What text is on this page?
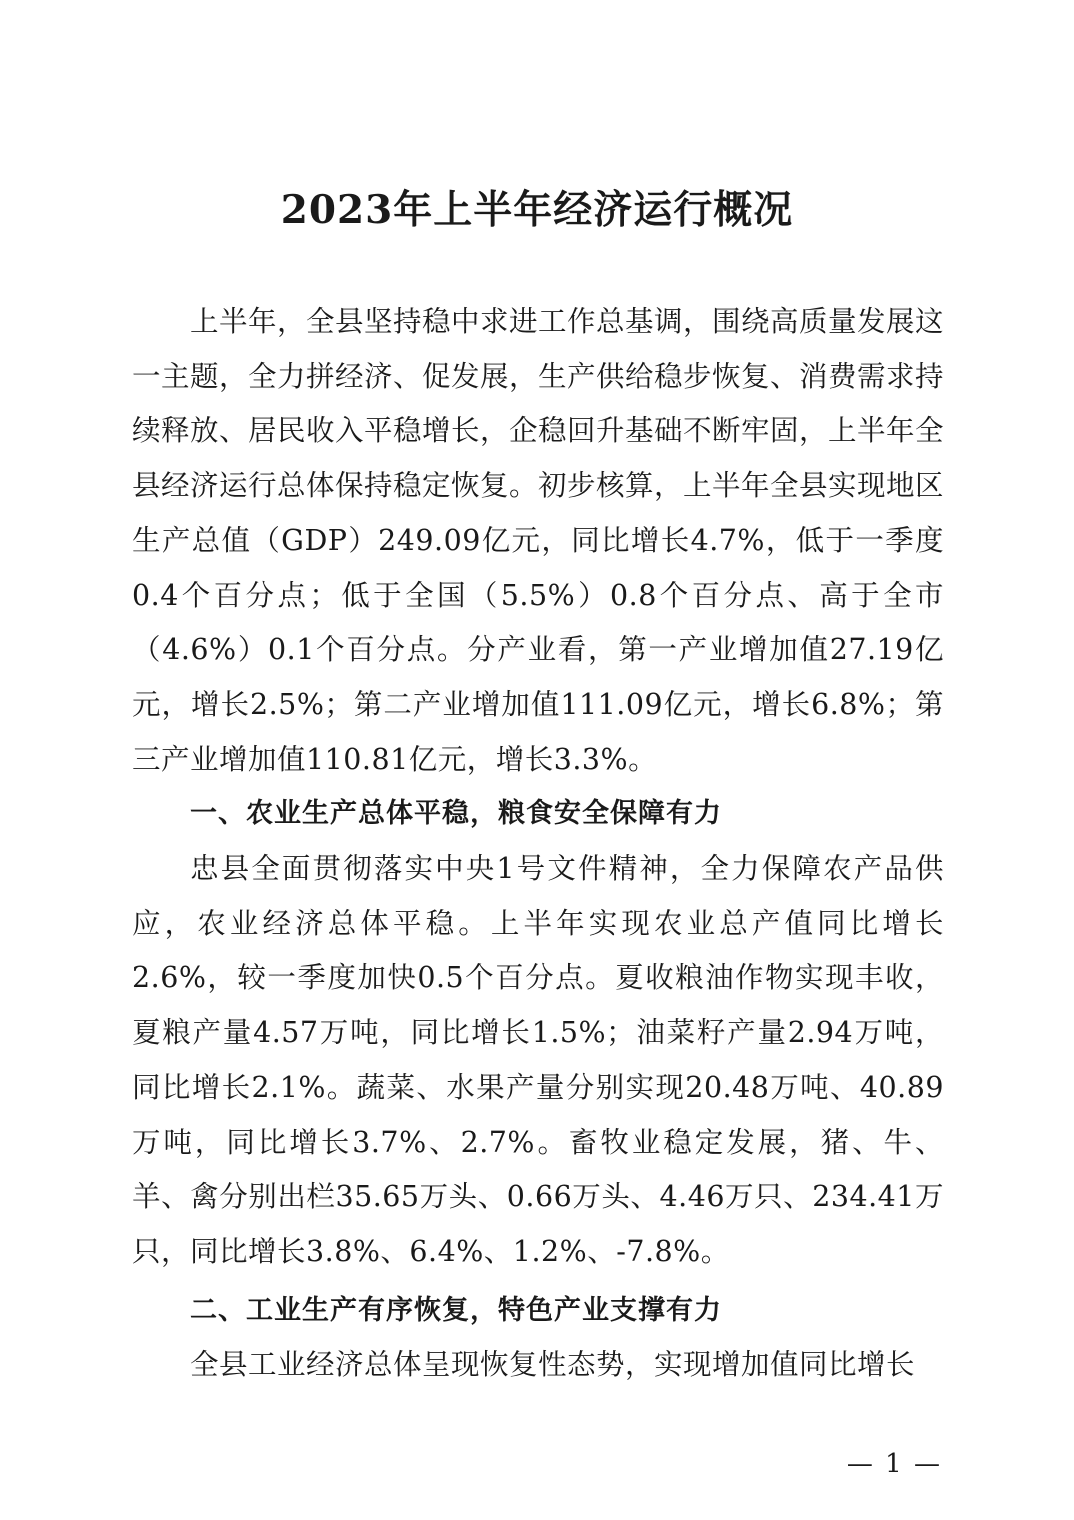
2023年上半年经济运行概况

上半年，全县坚持稳中求进工作总基调，围绕高质量发展这一主题，全力拼经济、促发展，生产供给稳步恢复、消费需求持续释放、居民收入平稳增长，企稳回升基础不断牢固，上半年全县经济运行总体保持稳定恢复。初步核算，上半年全县实现地区生产总值（GDP）249.09亿元，同比增长4.7%，低于一季度0.4个百分点；低于全国（5.5%）0.8个百分点、高于全市（4.6%）0.1个百分点。分产业看，第一产业增加值27.19亿元，增长2.5%；第二产业增加值111.09亿元，增长6.8%；第三产业增加值110.81亿元，增长3.3%。

一、农业生产总体平稳，粮食安全保障有力

忠县全面贯彻落实中央1号文件精神，全力保障农产品供应，农业经济总体平稳。上半年实现农业总产值同比增长2.6%，较一季度加快0.5个百分点。夏收粮油作物实现丰收，夏粮产量4.57万吨，同比增长1.5%；油菜籽产量2.94万吨，同比增长2.1%。蔬菜、水果产量分别实现20.48万吨、40.89万吨，同比增长3.7%、2.7%。畜牧业稳定发展，猪、牛、羊、禽分别出栏35.65万头、0.66万头、4.46万只、234.41万只，同比增长3.8%、6.4%、1.2%、-7.8%。

二、工业生产有序恢复，特色产业支撑有力

全县工业经济总体呈现恢复性态势，实现增加值同比增长

— 1 —
